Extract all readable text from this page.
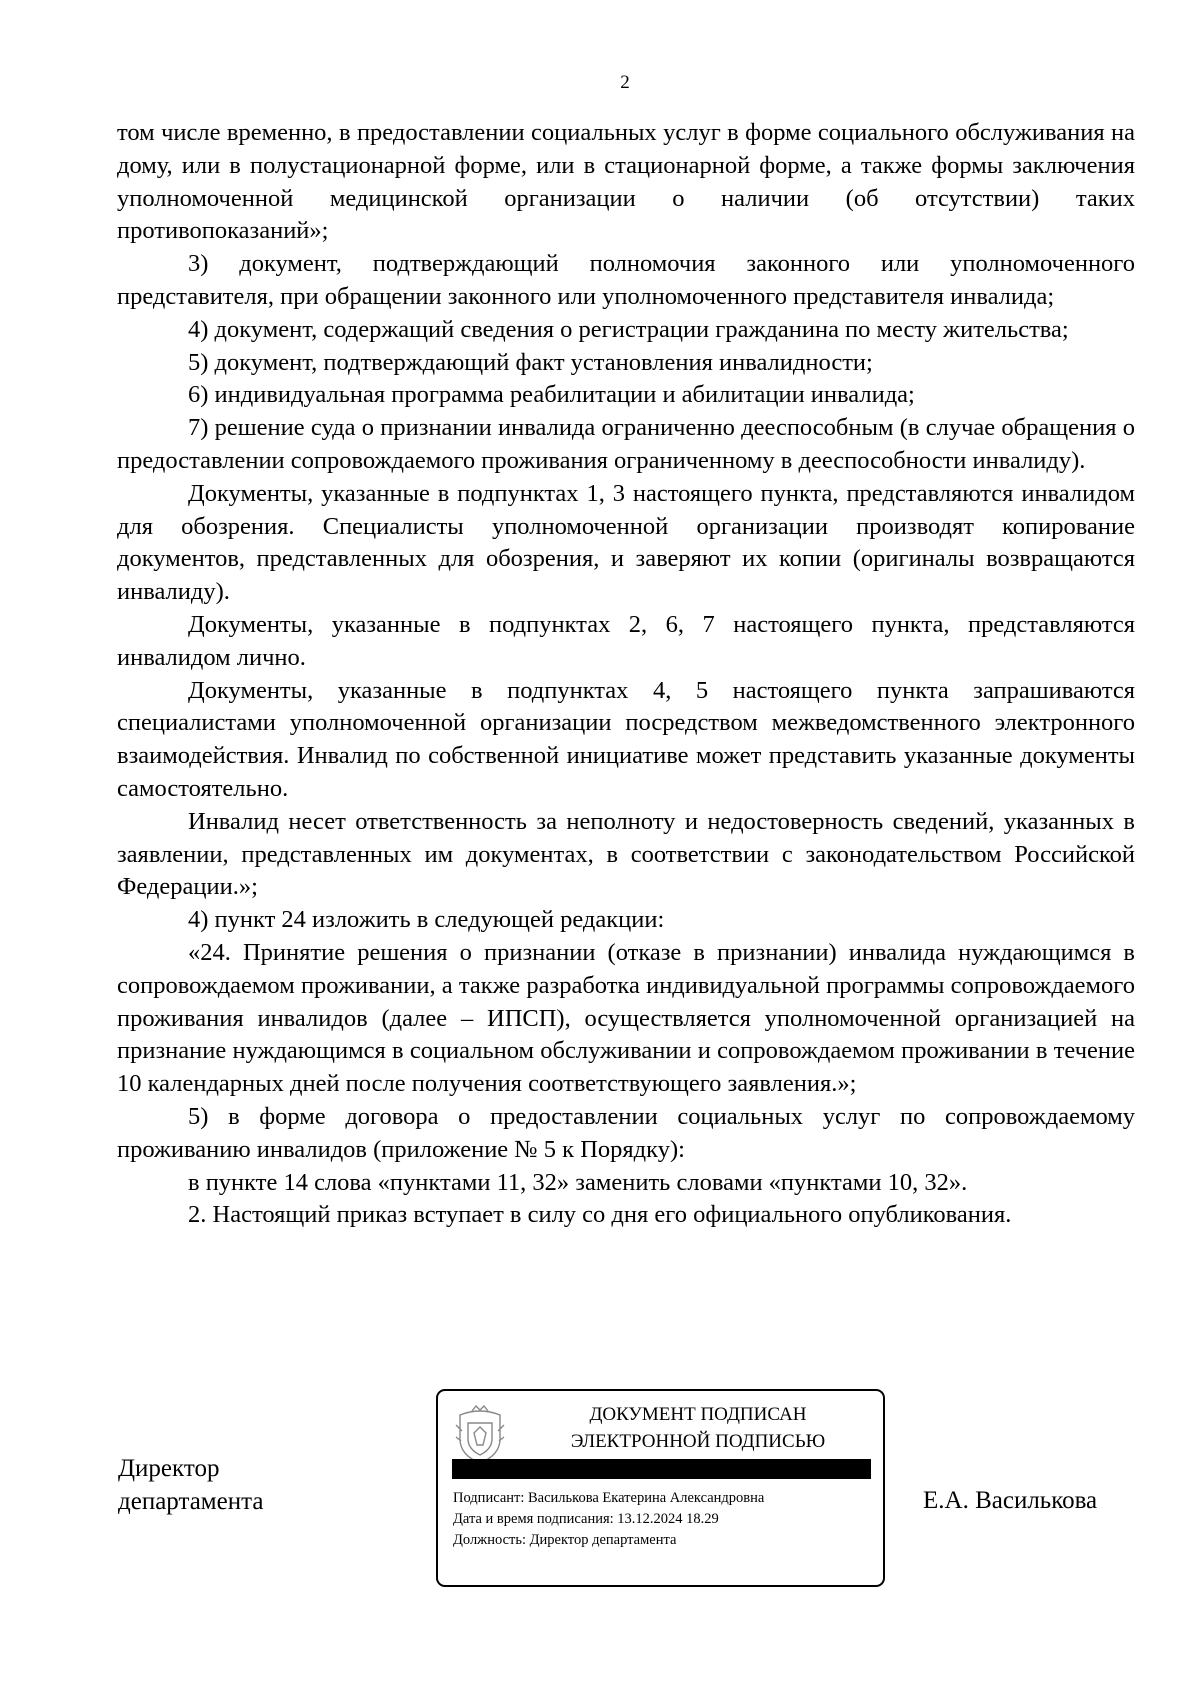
2

том числе временно, в предоставлении социальных услуг в форме социального обслуживания на дому, или в полустационарной форме, или в стационарной форме, а также формы заключения уполномоченной медицинской организации о наличии (об отсутствии) таких противопоказаний»;

3) документ, подтверждающий полномочия законного или уполномоченного представителя, при обращении законного или уполномоченного представителя инвалида;

4) документ, содержащий сведения о регистрации гражданина по месту жительства;

5) документ, подтверждающий факт установления инвалидности;

6) индивидуальная программа реабилитации и абилитации инвалида;

7) решение суда о признании инвалида ограниченно дееспособным (в случае обращения о предоставлении сопровождаемого проживания ограниченному в дееспособности инвалиду).

Документы, указанные в подпунктах 1, 3 настоящего пункта, представляются инвалидом для обозрения. Специалисты уполномоченной организации производят копирование документов, представленных для обозрения, и заверяют их копии (оригиналы возвращаются инвалиду).

Документы, указанные в подпунктах 2, 6, 7 настоящего пункта, представляются инвалидом лично.

Документы, указанные в подпунктах 4, 5 настоящего пункта запрашиваются специалистами уполномоченной организации посредством межведомственного электронного взаимодействия. Инвалид по собственной инициативе может представить указанные документы самостоятельно.

Инвалид несет ответственность за неполноту и недостоверность сведений, указанных в заявлении, представленных им документах, в соответствии с законодательством Российской Федерации.»;

4) пункт 24 изложить в следующей редакции:

«24. Принятие решения о признании (отказе в признании) инвалида нуждающимся в сопровождаемом проживании, а также разработка индивидуальной программы сопровождаемого проживания инвалидов (далее – ИПСП), осуществляется уполномоченной организацией на признание нуждающимся в социальном обслуживании и сопровождаемом проживании в течение 10 календарных дней после получения соответствующего заявления.»;

5) в форме договора о предоставлении социальных услуг по сопровождаемому проживанию инвалидов (приложение № 5 к Порядку):

в пункте 14 слова «пунктами 11, 32» заменить словами «пунктами 10, 32».

2. Настоящий приказ вступает в силу со дня его официального опубликования.

Директор
департамента
ДОКУМЕНТ ПОДПИСАН
ЭЛЕКТРОННОЙ ПОДПИСЬЮ
Подписант: Василькова Екатерина Александровна
Дата и время подписания: 13.12.2024 18.29
Должность: Директор департамента
Е.А. Василькова
